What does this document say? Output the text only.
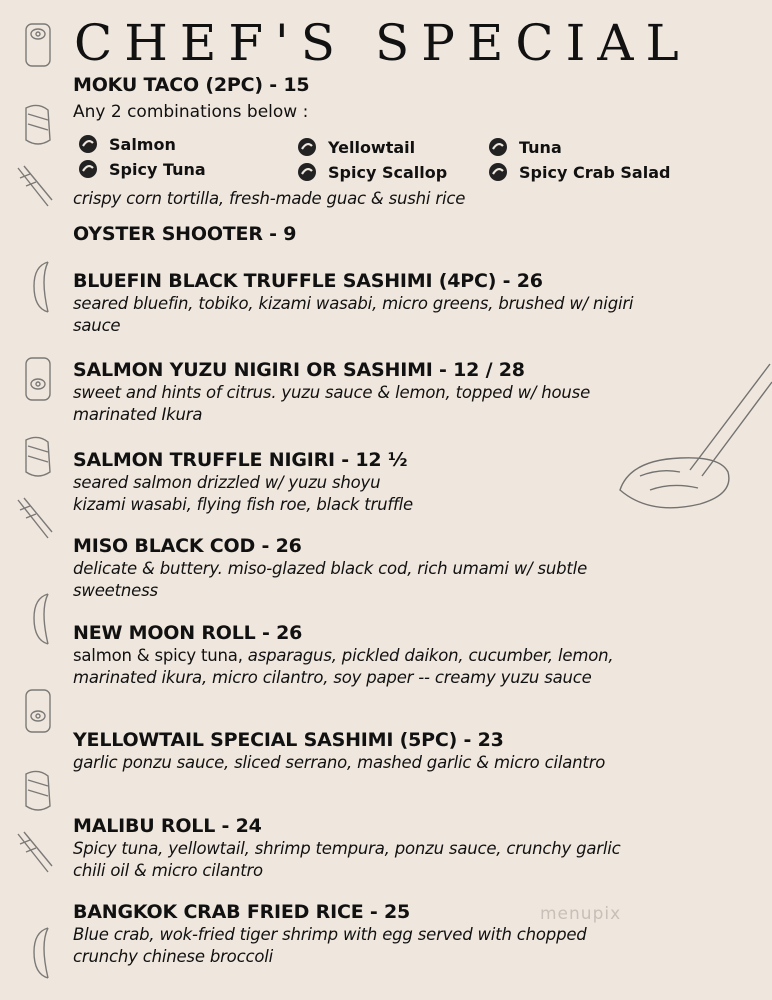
CHEF'S SPECIAL
MOKU TACO (2PC) - 15
Any 2 combinations below :
Salmon
Spicy Tuna
Yellowtail
Spicy Scallop
Tuna
Spicy Crab Salad
crispy corn tortilla, fresh-made guac & sushi rice
OYSTER SHOOTER - 9
BLUEFIN BLACK TRUFFLE SASHIMI (4PC) - 26
seared bluefin, tobiko, kizami wasabi, micro greens, brushed w/ nigiri sauce
SALMON YUZU NIGIRI OR SASHIMI - 12 / 28
sweet and hints of citrus. yuzu sauce & lemon, topped w/ house marinated Ikura
SALMON TRUFFLE NIGIRI - 12 ½
seared salmon drizzled w/ yuzu shoyu
kizami wasabi, flying fish roe, black truffle
MISO BLACK COD - 26
delicate & buttery. miso-glazed black cod, rich umami w/ subtle sweetness
NEW MOON ROLL - 26
salmon & spicy tuna, asparagus, pickled daikon, cucumber, lemon, marinated ikura, micro cilantro, soy paper -- creamy yuzu sauce
YELLOWTAIL SPECIAL SASHIMI (5PC) - 23
garlic ponzu sauce, sliced serrano, mashed garlic & micro cilantro
MALIBU ROLL - 24
Spicy tuna, yellowtail, shrimp tempura, ponzu sauce, crunchy garlic chili oil & micro cilantro
BANGKOK CRAB FRIED RICE - 25
Blue crab, wok-fried tiger shrimp with egg served with chopped crunchy chinese broccoli
menupix
